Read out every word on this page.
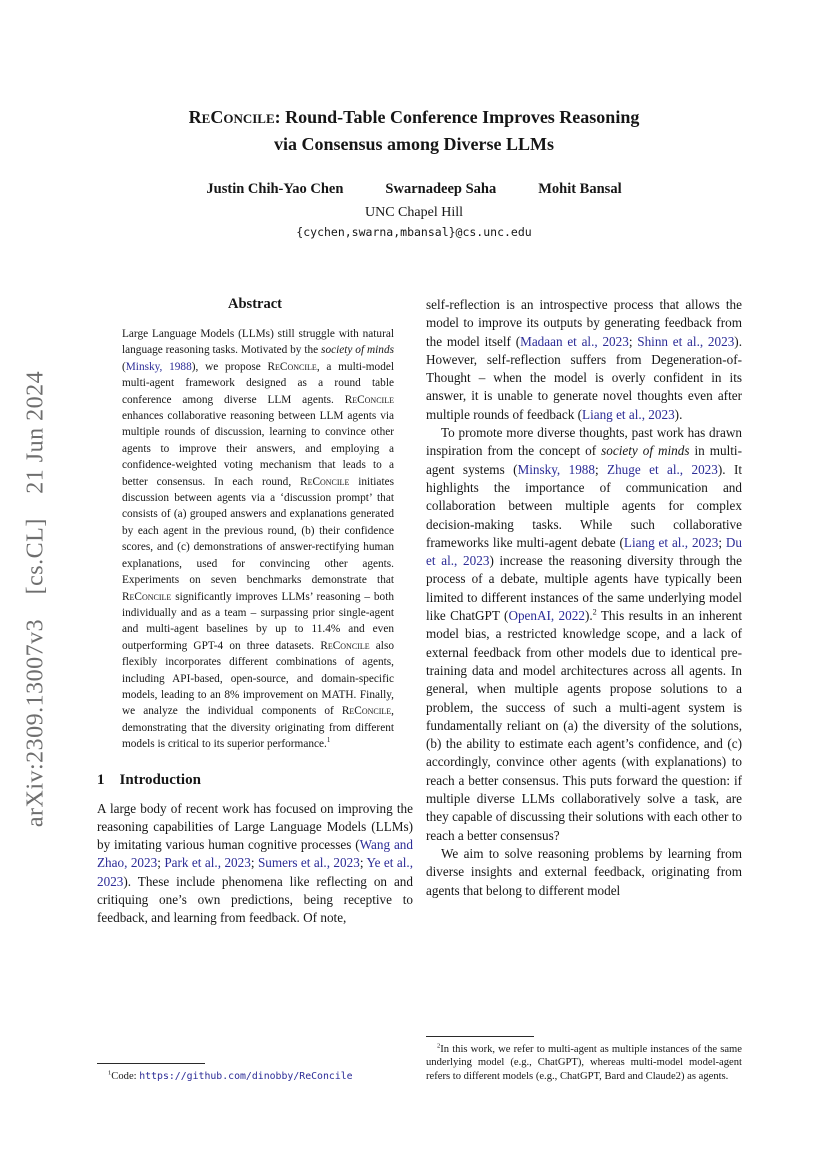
arXiv:2309.13007v3 [cs.CL] 21 Jun 2024
ReConcile: Round-Table Conference Improves Reasoning
via Consensus among Diverse LLMs
Justin Chih-Yao Chen	Swarnadeep Saha	Mohit Bansal
UNC Chapel Hill
{cychen,swarna,mbansal}@cs.unc.edu
Abstract

Large Language Models (LLMs) still struggle with natural language reasoning tasks. Motivated by the society of minds (Minsky, 1988), we propose ReConcile, a multi-model multi-agent framework designed as a round table conference among diverse LLM agents. ReConcile enhances collaborative reasoning between LLM agents via multiple rounds of discussion, learning to convince other agents to improve their answers, and employing a confidence-weighted voting mechanism that leads to a better consensus. In each round, ReConcile initiates discussion between agents via a ‘discussion prompt’ that consists of (a) grouped answers and explanations generated by each agent in the previous round, (b) their confidence scores, and (c) demonstrations of answer-rectifying human explanations, used for convincing other agents. Experiments on seven benchmarks demonstrate that ReConcile significantly improves LLMs’ reasoning – both individually and as a team – surpassing prior single-agent and multi-agent baselines by up to 11.4% and even outperforming GPT-4 on three datasets. ReConcile also flexibly incorporates different combinations of agents, including API-based, open-source, and domain-specific models, leading to an 8% improvement on MATH. Finally, we analyze the individual components of ReConcile, demonstrating that the diversity originating from different models is critical to its superior performance.$^1$

1 Introduction

A large body of recent work has focused on improving the reasoning capabilities of Large Language Models (LLMs) by imitating various human cognitive processes (Wang and Zhao, 2023; Park et al., 2023; Sumers et al., 2023; Ye et al., 2023). These include phenomena like reflecting on and critiquing one’s own predictions, being receptive to feedback, and learning from feedback. Of note,

$^1$Code: https://github.com/dinobby/ReConcile

self-reflection is an introspective process that allows the model to improve its outputs by generating feedback from the model itself (Madaan et al., 2023; Shinn et al., 2023). However, self-reflection suffers from Degeneration-of-Thought – when the model is overly confident in its answer, it is unable to generate novel thoughts even after multiple rounds of feedback (Liang et al., 2023).

To promote more diverse thoughts, past work has drawn inspiration from the concept of society of minds in multi-agent systems (Minsky, 1988; Zhuge et al., 2023). It highlights the importance of communication and collaboration between multiple agents for complex decision-making tasks. While such collaborative frameworks like multi-agent debate (Liang et al., 2023; Du et al., 2023) increase the reasoning diversity through the process of a debate, multiple agents have typically been limited to different instances of the same underlying model like ChatGPT (OpenAI, 2022).$^2$ This results in an inherent model bias, a restricted knowledge scope, and a lack of external feedback from other models due to identical pre-training data and model architectures across all agents. In general, when multiple agents propose solutions to a problem, the success of such a multi-agent system is fundamentally reliant on (a) the diversity of the solutions, (b) the ability to estimate each agent’s confidence, and (c) accordingly, convince other agents (with explanations) to reach a better consensus. This puts forward the question: if multiple diverse LLMs collaboratively solve a task, are they capable of discussing their solutions with each other to reach a better consensus?

We aim to solve reasoning problems by learning from diverse insights and external feedback, originating from agents that belong to different model

$^2$In this work, we refer to multi-agent as multiple instances of the same underlying model (e.g., ChatGPT), whereas multi-model model-agent refers to different models (e.g., ChatGPT, Bard and Claude2) as agents.
